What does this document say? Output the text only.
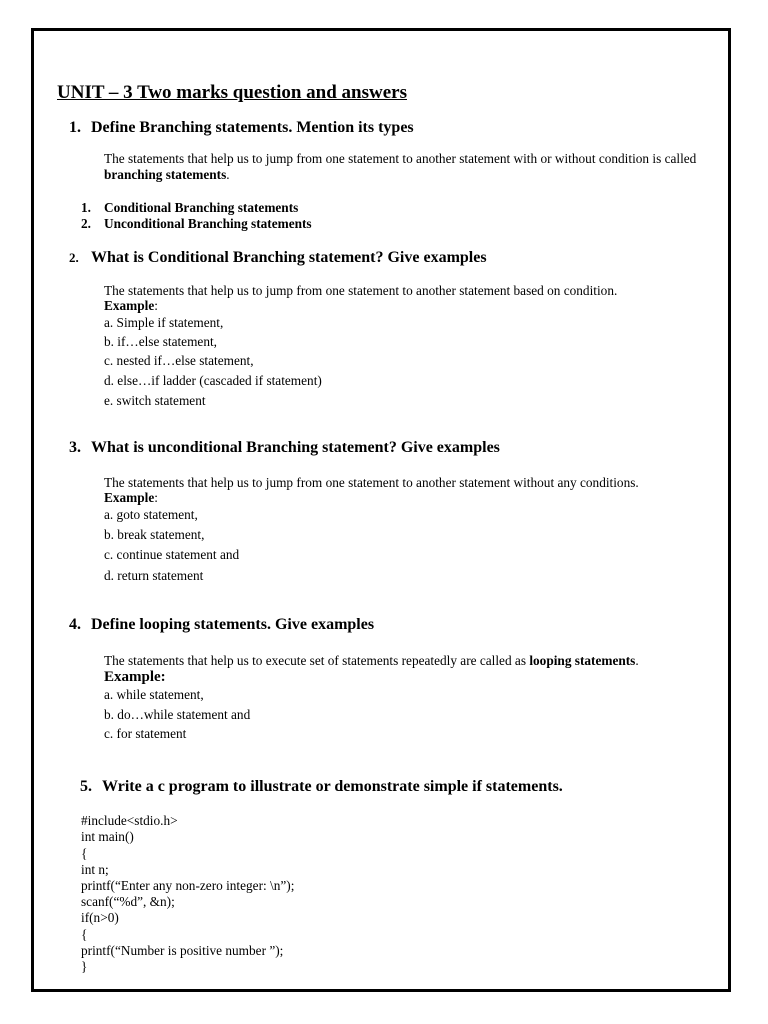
UNIT – 3 Two marks question and answers
1. Define Branching statements. Mention its types
The statements that help us to jump from one statement to another statement with or without condition is called branching statements.
1. Conditional Branching statements
2. Unconditional Branching statements
2. What is Conditional Branching statement? Give examples
The statements that help us to jump from one statement to another statement based on condition.
Example:
a. Simple if statement,
b. if…else statement,
c. nested if…else statement,
d. else…if ladder (cascaded if statement)
e. switch statement
3. What is unconditional Branching statement? Give examples
The statements that help us to jump from one statement to another statement without any conditions.
Example:
a. goto statement,
b. break statement,
c. continue statement and
d. return statement
4. Define looping statements. Give examples
The statements that help us to execute set of statements repeatedly are called as looping statements.
Example:
a. while statement,
b. do…while statement and
c. for statement
5. Write a c program to illustrate or demonstrate simple if statements.
#include<stdio.h>
int main()
{
int n;
printf(“Enter any non-zero integer: \n”);
scanf(“%d”, &n);
if(n>0)
{
printf(“Number is positive number ”);
}
